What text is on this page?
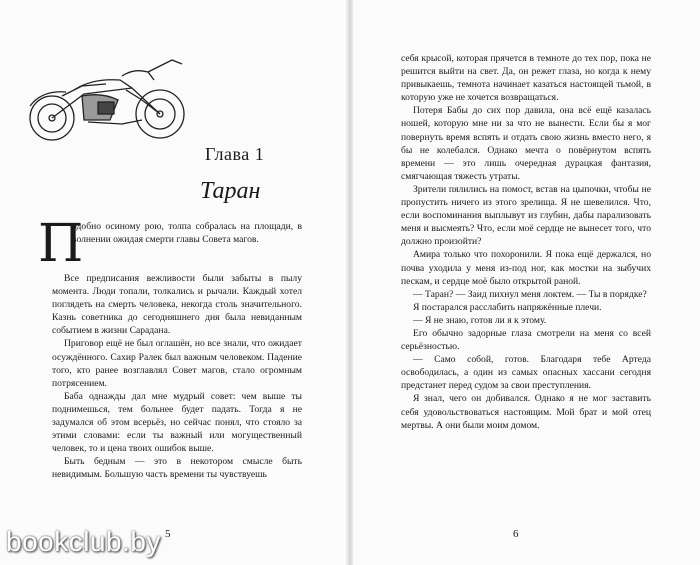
Глава 1
Таран
П

одобно осиному рою, толпа собралась на площади, в волнении ожидая смерти главы Совета магов.

Все предписания вежливости были забыты в пылу момента. Люди топали, толкались и рычали. Каждый хотел поглядеть на смерть человека, некогда столь значительного. Казнь советника до сегодняшнего дня была невиданным событием в жизни Сарадана.

Приговор ещё не был оглашён, но все знали, что ожидает осуждённого. Сахир Ралек был важным человеком. Падение того, кто ранее возглавлял Совет магов, стало огромным потрясением.

Баба однажды дал мне мудрый совет: чем выше ты поднимешься, тем больнее будет падать. Тогда я не задумался об этом всерьёз, но сейчас понял, что стояло за этими словами: если ты важный или могущественный человек, то и цена твоих ошибок выше.

Быть бедным — это в некотором смысле быть невидимым. Большую часть времени ты чувствуешь

5

себя крысой, которая прячется в темноте до тех пор, пока не решится выйти на свет. Да, он режет глаза, но когда к нему привыкаешь, темнота начинает казаться настоящей тьмой, в которую уже не хочется возвращаться.

Потеря Бабы до сих пор давила, она всё ещё казалась ношей, которую мне ни за что не вынести. Если бы я мог повернуть время вспять и отдать свою жизнь вместо него, я бы не колебался. Однако мечта о повёрнутом вспять времени — это лишь очередная дурацкая фантазия, смягчающая тяжесть утраты.

Зрители пялились на помост, встав на цыпочки, чтобы не пропустить ничего из этого зрелища. Я не шевелился. Что, если воспоминания выплывут из глубин, дабы парализовать меня и высмеять? Что, если моё сердце не вынесет того, что должно произойти?

Амира только что похоронили. Я пока ещё держался, но почва уходила у меня из-под ног, как мостки на зыбучих пескам, и сердце моё было открытой раной.

— Таран? — Заид пихнул меня локтем. — Ты в порядке?

Я постарался расслабить напряжённые плечи.

— Я не знаю, готов ли я к этому.

Его обычно задорные глаза смотрели на меня со всей серьёзностью.

— Само собой, готов. Благодаря тебе Артеда освободилась, а один из самых опасных хассани сегодня предстанет перед судом за свои преступления.

Я знал, чего он добивался. Однако я не мог заставить себя удовольствоваться настоящим. Мой брат и мой отец мертвы. А они были моим домом.

6
bookclub.by
